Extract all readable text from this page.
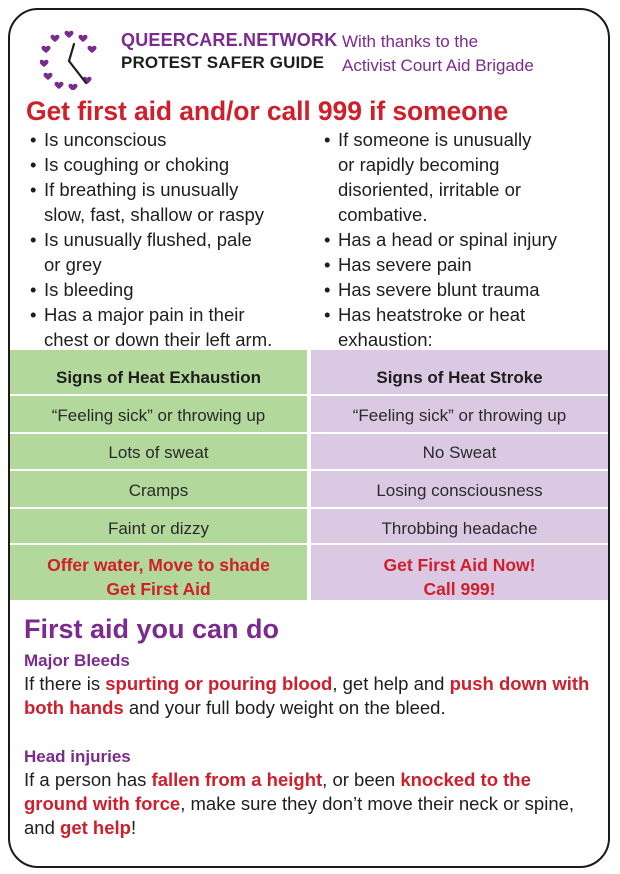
QUEERCARE.NETWORK
PROTEST SAFER GUIDE
With thanks to the
Activist Court Aid Brigade
Get first aid and/or call 999 if someone
• Is unconscious
• Is coughing or choking
• If breathing is unusually
slow, fast, shallow or raspy
• Is unusually flushed, pale
or grey
• Is bleeding
• Has a major pain in their
chest or down their left arm.
• If someone is unusually
or rapidly becoming
disoriented, irritable or
combative.
• Has a head or spinal injury
• Has severe pain
• Has severe blunt trauma
• Has heatstroke or heat
exhaustion:
Signs of Heat Exhaustion
“Feeling sick” or throwing up
Lots of sweat
Cramps
Faint or dizzy
Offer water, Move to shade
Get First Aid
Signs of Heat Stroke
“Feeling sick” or throwing up
No Sweat
Losing consciousness
Throbbing headache
Get First Aid Now!
Call 999!
First aid you can do
Major Bleeds
If there is spurting or pouring blood, get help and push down with both hands and your full body weight on the bleed.
Head injuries
If a person has fallen from a height, or been knocked to the ground with force, make sure they don’t move their neck or spine, and get help!
